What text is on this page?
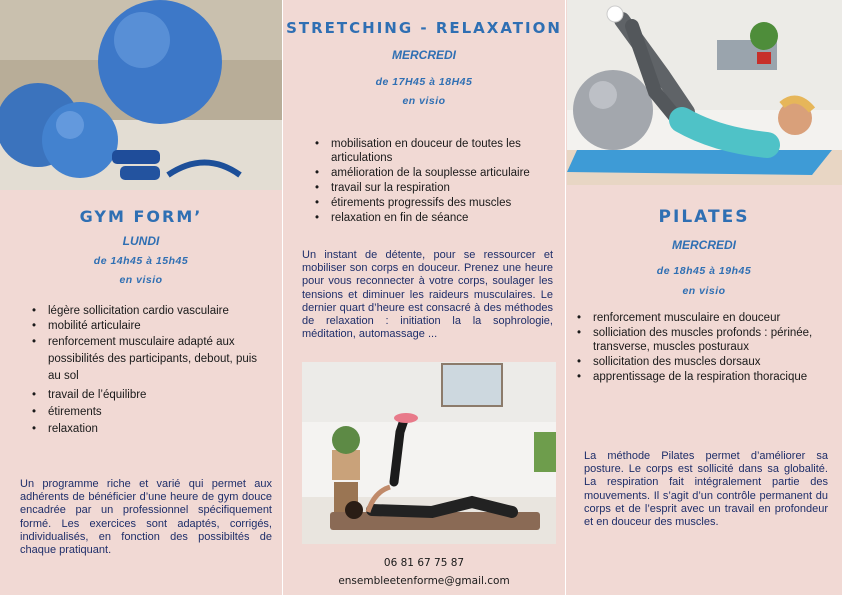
GYM FORM’
LUNDI
de 14h45 à 15h45
en visio
• légère sollicitation cardio vasculaire
• mobilité articulaire
• renforcement musculaire adapté aux possibilités des participants, debout, puis au sol
• travail de l’équilibre
• étirements
• relaxation
Un programme riche et varié qui permet aux adhérents de bénéficier d’une heure de gym douce encadrée par un professionnel spécifiquement formé. Les exercices sont adaptés, corrigés, individualisés, en fonction des possibiltés de chaque pratiquant.
STRETCHING - RELAXATION
MERCREDI
de 17H45 à 18H45
en visio
• mobilisation en douceur de toutes les articulations
• amélioration de la souplesse articulaire
• travail sur la respiration
• étirements progressifs des muscles
• relaxation en fin de séance
Un instant de détente, pour se ressourcer et mobiliser son corps en douceur. Prenez une heure pour vous reconnecter à votre corps, soulager les tensions et diminuer les raideurs musculaires. Le dernier quart d’heure est consacré à des méthodes de relaxation : initiation la la sophrologie, méditation, automassage ...
06 81 67 75 87
ensembleetenforme@gmail.com
PILATES
MERCREDI
de 18h45 à 19h45
en visio
• renforcement musculaire en douceur
• solliciation des muscles profonds : périnée, transverse, muscles posturaux
• sollicitation des muscles dorsaux
• apprentissage de la respiration thoracique
La méthode Pilates permet d’améliorer sa posture. Le corps est sollicité dans sa globalité. La respiration fait intégralement partie des mouvements. Il s’agit d’un contrôle permanent du corps et de l’esprit avec un travail en profondeur et en douceur des muscles.
